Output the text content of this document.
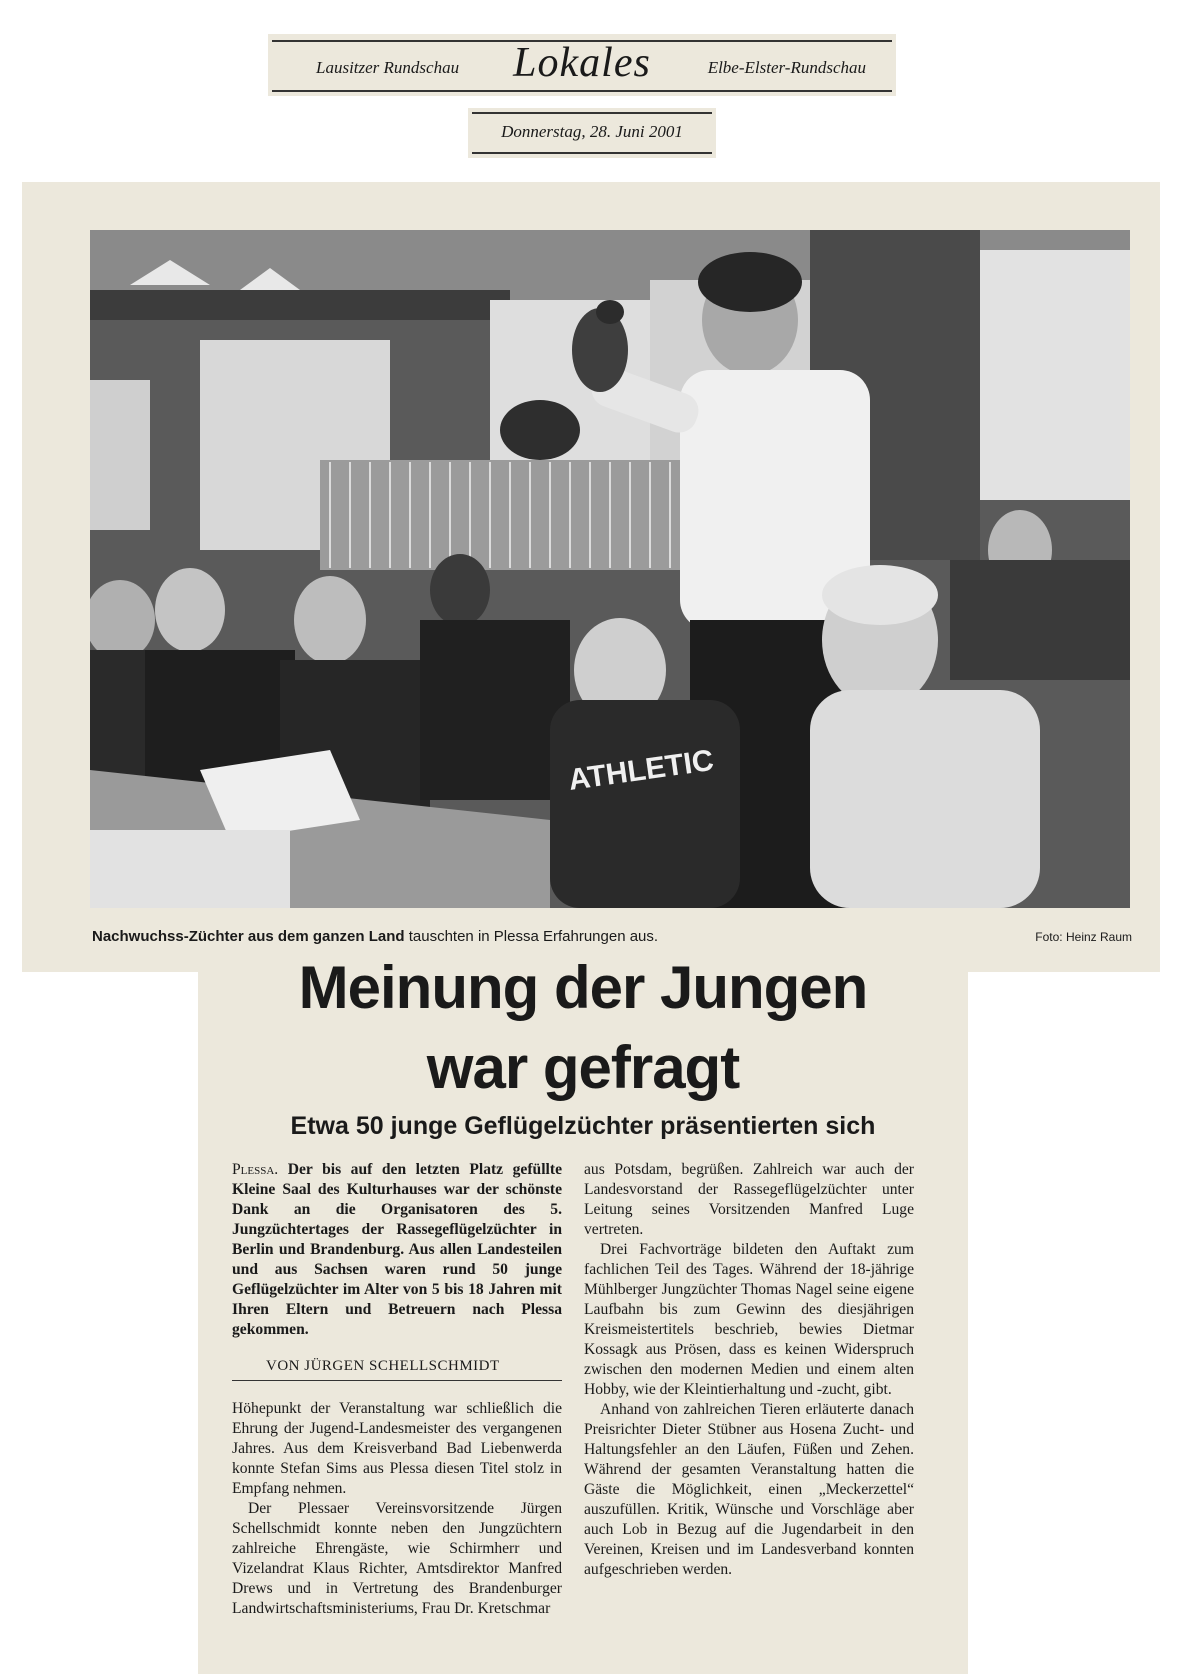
Lausitzer Rundschau	Lokales	Elbe-Elster-Rundschau
Donnerstag, 28. Juni 2001
ATHLETIC
Nachwuchss-Züchter aus dem ganzen Land tauschten in Plessa Erfahrungen aus.	Foto: Heinz Raum
Meinung der Jungen
war gefragt
Etwa 50 junge Geflügelzüchter präsentierten sich

Plessa. Der bis auf den letzten Platz gefüllte Kleine Saal des Kulturhauses war der schönste Dank an die Organisatoren des 5. Jungzüchtertages der Rassegeflügelzüchter in Berlin und Brandenburg. Aus allen Landesteilen und aus Sachsen waren rund 50 junge Geflügelzüchter im Alter von 5 bis 18 Jahren mit Ihren Eltern und Betreuern nach Plessa gekommen.

VON JÜRGEN SCHELLSCHMIDT

Höhepunkt der Veranstaltung war schließlich die Ehrung der Jugend-Landesmeister des vergangenen Jahres. Aus dem Kreisverband Bad Liebenwerda konnte Stefan Sims aus Plessa diesen Titel stolz in Empfang nehmen.

Der Plessaer Vereinsvorsitzende Jürgen Schellschmidt konnte neben den Jungzüchtern zahlreiche Ehrengäste, wie Schirmherr und Vizelandrat Klaus Richter, Amtsdirektor Manfred Drews und in Vertretung des Brandenburger Landwirtschaftsministeriums, Frau Dr. Kretschmar

aus Potsdam, begrüßen. Zahlreich war auch der Landesvorstand der Rassegeflügelzüchter unter Leitung seines Vorsitzenden Manfred Luge vertreten.

Drei Fachvorträge bildeten den Auftakt zum fachlichen Teil des Tages. Während der 18-jährige Mühlberger Jungzüchter Thomas Nagel seine eigene Laufbahn bis zum Gewinn des diesjährigen Kreismeistertitels beschrieb, bewies Dietmar Kossagk aus Prösen, dass es keinen Widerspruch zwischen den modernen Medien und einem alten Hobby, wie der Kleintierhaltung und -zucht, gibt.

Anhand von zahlreichen Tieren erläuterte danach Preisrichter Dieter Stübner aus Hosena Zucht- und Haltungsfehler an den Läufen, Füßen und Zehen. Während der gesamten Veranstaltung hatten die Gäste die Möglichkeit, einen „Meckerzettel“ auszufüllen. Kritik, Wünsche und Vorschläge aber auch Lob in Bezug auf die Jugendarbeit in den Vereinen, Kreisen und im Landesverband konnten aufgeschrieben werden.
